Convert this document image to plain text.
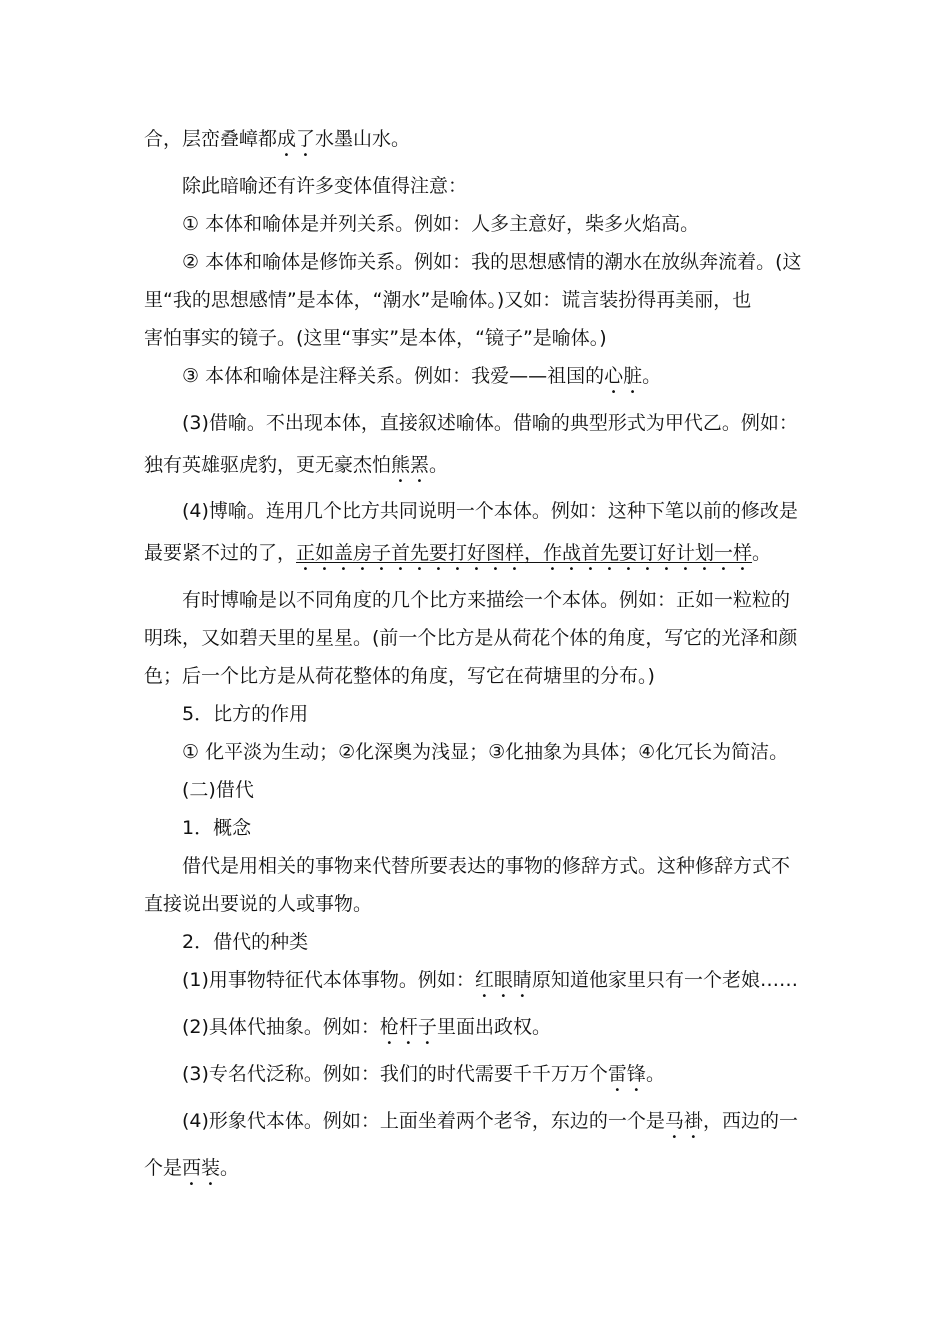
合，层峦叠嶂都成了水墨山水。
除此暗喻还有许多变体值得注意：
① 本体和喻体是并列关系。例如：人多主意好，柴多火焰高。
② 本体和喻体是修饰关系。例如：我的思想感情的潮水在放纵奔流着。(这
里“我的思想感情”是本体，“潮水”是喻体。)又如：谎言装扮得再美丽，也
害怕事实的镜子。(这里“事实”是本体，“镜子”是喻体。)
③ 本体和喻体是注释关系。例如：我爱——祖国的心脏。
(3)借喻。不出现本体，直接叙述喻体。借喻的典型形式为甲代乙。例如：
独有英雄驱虎豹，更无豪杰怕熊罴。
(4)博喻。连用几个比方共同说明一个本体。例如：这种下笔以前的修改是
最要紧不过的了，正如盖房子首先要打好图样，作战首先要订好计划一样。
有时博喻是以不同角度的几个比方来描绘一个本体。例如：正如一粒粒的
明珠，又如碧天里的星星。(前一个比方是从荷花个体的角度，写它的光泽和颜
色；后一个比方是从荷花整体的角度，写它在荷塘里的分布。)
5．比方的作用
① 化平淡为生动；②化深奥为浅显；③化抽象为具体；④化冗长为简洁。
(二)借代
1．概念
借代是用相关的事物来代替所要表达的事物的修辞方式。这种修辞方式不
直接说出要说的人或事物。
2．借代的种类
(1)用事物特征代本体事物。例如：红眼睛原知道他家里只有一个老娘……
(2)具体代抽象。例如：枪杆子里面出政权。
(3)专名代泛称。例如：我们的时代需要千千万万个雷锋。
(4)形象代本体。例如：上面坐着两个老爷，东边的一个是马褂，西边的一
个是西装。
